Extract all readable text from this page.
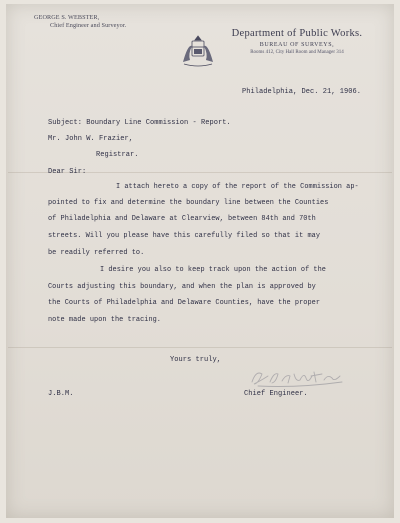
GEORGE S. WEBSTER,
Chief Engineer and Surveyor.
Department of Public Works.
BUREAU OF SURVEYS,
Rooms 412, City Hall Room and Manager 314
Philadelphia, Dec. 21, 1906.
Subject: Boundary Line Commission - Report.
Mr. John W. Frazier,
Registrar.
Dear Sir:
I attach hereto a copy of the report of the Commission ap-
pointed to fix and determine the boundary line between the Counties
of Philadelphia and Delaware at Clearview, between 84th and 70th
streets. Will you please have this carefully filed so that it may
be readily referred to.
I desire you also to keep track upon the action of the
Courts adjusting this boundary, and when the plan is approved by
the Courts of Philadelphia and Delaware Counties, have the proper
note made upon the tracing.
Yours truly,
J.B.M.	Chief Engineer.
